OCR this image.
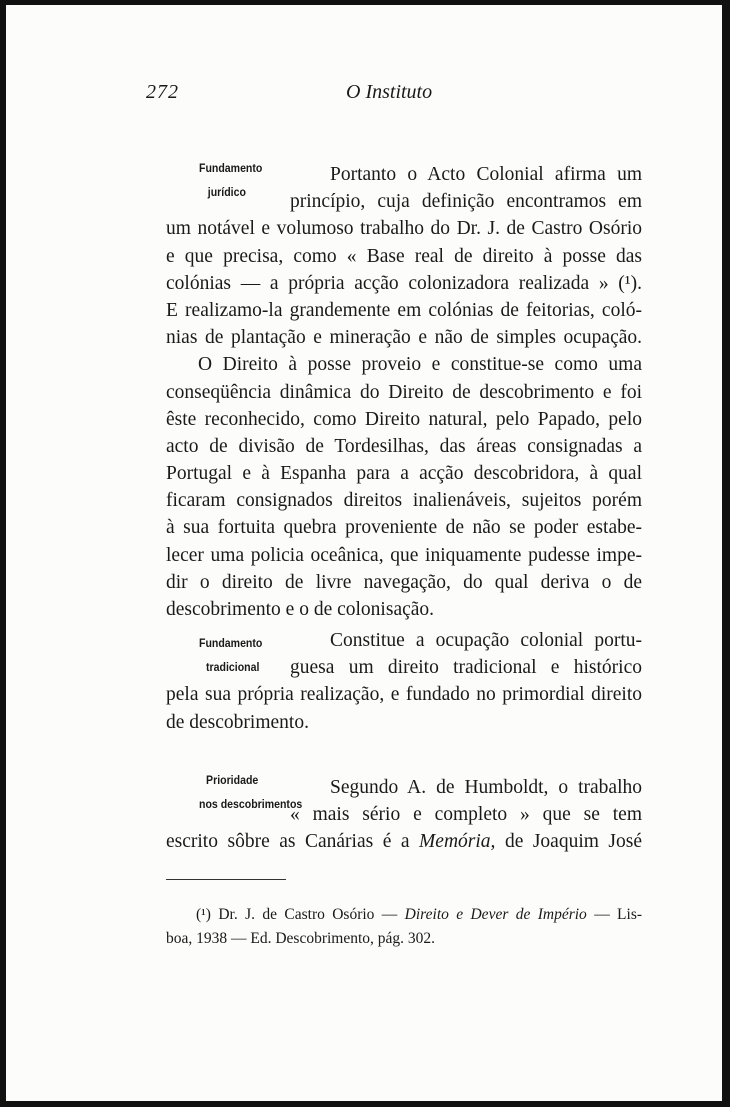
272	O Instituto
Fundamento
jurídico
Portanto o Acto Colonial afirma um
princípio, cuja definição encontramos em
um notável e volumoso trabalho do Dr. J. de Castro Osório
e que precisa, como « Base real de direito à posse das
colónias — a própria acção colonizadora realizada » (¹).
E realizamo-la grandemente em colónias de feitorias, coló-
nias de plantação e mineração e não de simples ocupação.
O Direito à posse proveio e constitue-se como uma
conseqüência dinâmica do Direito de descobrimento e foi
êste reconhecido, como Direito natural, pelo Papado, pelo
acto de divisão de Tordesilhas, das áreas consignadas a
Portugal e à Espanha para a acção descobridora, à qual
ficaram consignados direitos inalienáveis, sujeitos porém
à sua fortuita quebra proveniente de não se poder estabe-
lecer uma policia oceânica, que iniquamente pudesse impe-
dir o direito de livre navegação, do qual deriva o de
descobrimento e o de colonisação.
Fundamento
tradicional
Constitue a ocupação colonial portu-
guesa um direito tradicional e histórico
pela sua própria realização, e fundado no primordial direito
de descobrimento.
Prioridade
nos descobrimentos
Segundo A. de Humboldt, o trabalho
« mais sério e completo » que se tem
escrito sôbre as Canárias é a Memória, de Joaquim José
(¹) Dr. J. de Castro Osório — Direito e Dever de Império — Lis-
boa, 1938 — Ed. Descobrimento, pág. 302.
